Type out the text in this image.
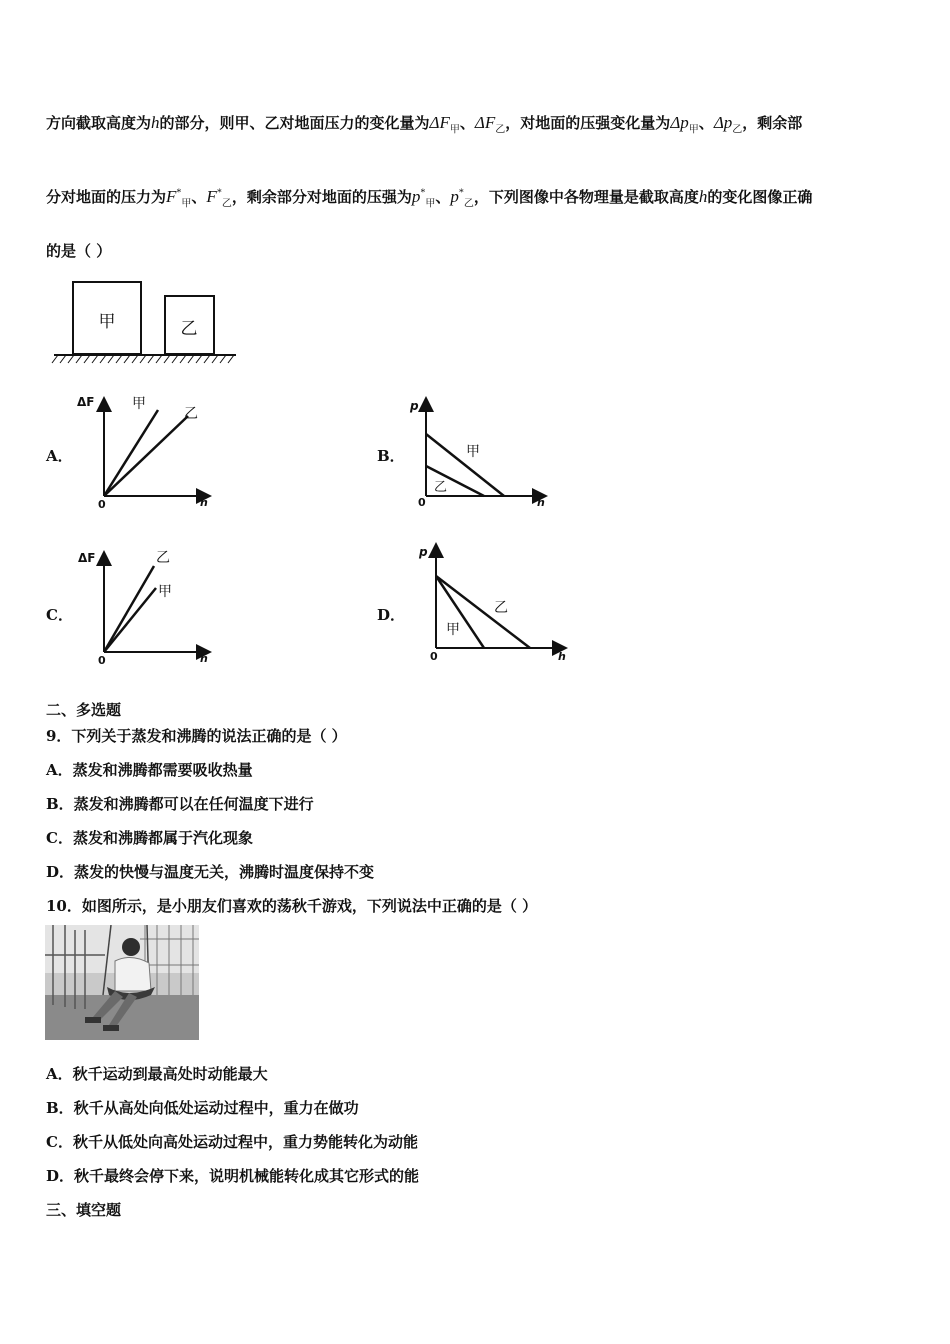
方向截取高度为h的部分，则甲、乙对地面压力的变化量为$\Delta F_甲$、$\Delta F_乙$，对地面的压强变化量为$\Delta p_甲$、$\Delta p_乙$，剩余部
分对地面的压力为$F^*_甲$、$F^*_乙$，剩余部分对地面的压强为$p^*_甲$、$p^*_乙$，下列图像中各物理量是截取高度h的变化图像正确
的是（ ）
甲	乙
A．
ΔF
h
0
甲
乙
B．
p
h
0
甲
乙
C．
ΔF
h
0
乙
甲
D．
p
h
0
乙
甲
二、多选题
9．下列关于蒸发和沸腾的说法正确的是（ ）
A．蒸发和沸腾都需要吸收热量
B．蒸发和沸腾都可以在任何温度下进行
C．蒸发和沸腾都属于汽化现象
D．蒸发的快慢与温度无关，沸腾时温度保持不变
10．如图所示，是小朋友们喜欢的荡秋千游戏，下列说法中正确的是（ ）
A．秋千运动到最高处时动能最大
B．秋千从高处向低处运动过程中，重力在做功
C．秋千从低处向高处运动过程中，重力势能转化为动能
D．秋千最终会停下来，说明机械能转化成其它形式的能
三、填空题
